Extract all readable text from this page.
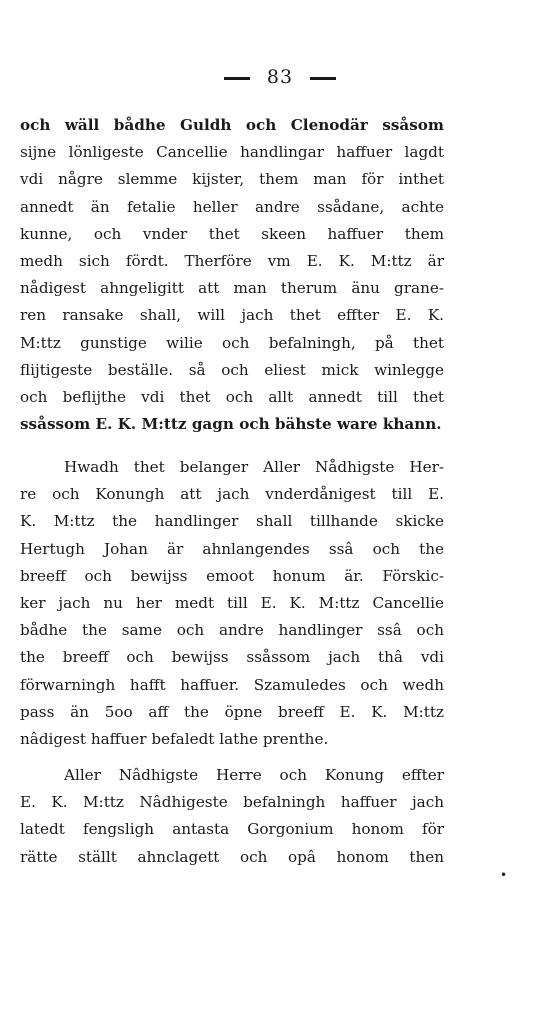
83
och wäll bådhe Guldh och Clenodär ssåsom
sijne lönligeste Cancellie handlingar haffuer lagdt
vdi någre slemme kijster, them man för inthet
annedt än fetalie heller andre ssådane, achte
kunne, och vnder thet skeen haffuer them
medh sich fördt. Therföre vm E. K. M:ttz är
nådigest ahngeligitt att man therum änu grane-
ren ransake shall, will jach thet effter E. K.
M:ttz gunstige wilie och befalningh, på thet
flijtigeste beställe. så och eliest mick winlegge
och beflijthe vdi thet och allt annedt till thet
ssåssom E. K. M:ttz gagn och bähste ware khann.
Hwadh thet belanger Aller Nådhigste Her-
re och Konungh att jach vnderdånigest till E.
K. M:ttz the handlinger shall tillhande skicke
Hertugh Johan är ahnlangendes ssâ och the
breeff och bewijss emoot honum är. Förskic-
ker jach nu her medt till E. K. M:ttz Cancellie
bådhe the same och andre handlinger ssâ och
the breeff och bewijss ssåssom jach thâ vdi
förwarningh hafft haffuer. Szamuledes och wedh
pass än 5oo aff the öpne breeff E. K. M:ttz
nâdigest haffuer befaledt lathe prenthe.
Aller Nâdhigste Herre och Konung effter
E. K. M:ttz Nâdhigeste befalningh haffuer jach
latedt fengsligh antasta Gorgonium honom för
rätte ställt ahnclagett och opâ honom then
•
